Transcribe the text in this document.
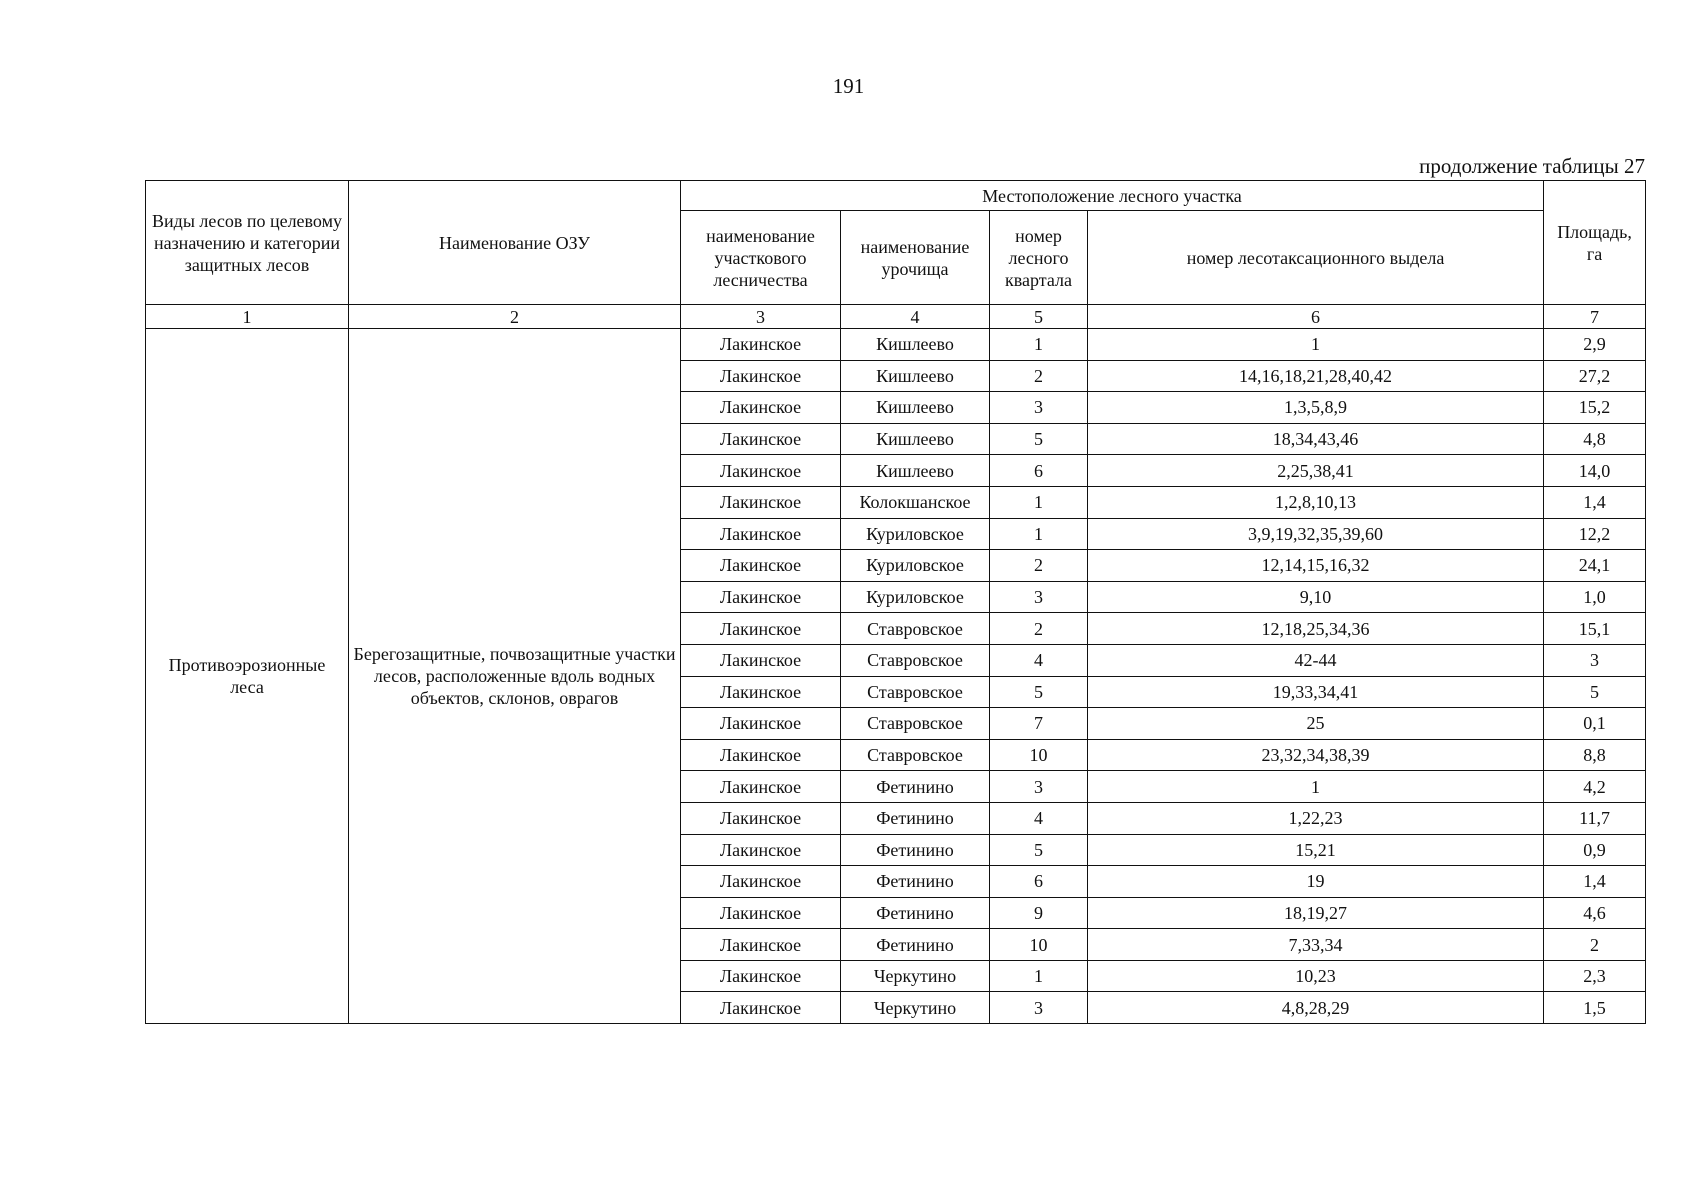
191
продолжение таблицы 27
Виды лесов по целевому назначению и категории защитных лесов	Наименование ОЗУ	Местоположение лесного участка				Площадь, га
		наименование участкового лесничества	наименование урочища	номер лесного квартала	номер лесотаксационного выдела	
1	2	3	4	5	6	7
Противоэрозионные леса	Берегозащитные, почвозащитные участки лесов, расположенные вдоль водных объектов, склонов, оврагов	Лакинское	Кишлеево	1	1	2,9
		Лакинское	Кишлеево	2	14,16,18,21,28,40,42	27,2
		Лакинское	Кишлеево	3	1,3,5,8,9	15,2
		Лакинское	Кишлеево	5	18,34,43,46	4,8
		Лакинское	Кишлеево	6	2,25,38,41	14,0
		Лакинское	Колокшанское	1	1,2,8,10,13	1,4
		Лакинское	Куриловское	1	3,9,19,32,35,39,60	12,2
		Лакинское	Куриловское	2	12,14,15,16,32	24,1
		Лакинское	Куриловское	3	9,10	1,0
		Лакинское	Ставровское	2	12,18,25,34,36	15,1
		Лакинское	Ставровское	4	42-44	3
		Лакинское	Ставровское	5	19,33,34,41	5
		Лакинское	Ставровское	7	25	0,1
		Лакинское	Ставровское	10	23,32,34,38,39	8,8
		Лакинское	Фетинино	3	1	4,2
		Лакинское	Фетинино	4	1,22,23	11,7
		Лакинское	Фетинино	5	15,21	0,9
		Лакинское	Фетинино	6	19	1,4
		Лакинское	Фетинино	9	18,19,27	4,6
		Лакинское	Фетинино	10	7,33,34	2
		Лакинское	Черкутино	1	10,23	2,3
		Лакинское	Черкутино	3	4,8,28,29	1,5
